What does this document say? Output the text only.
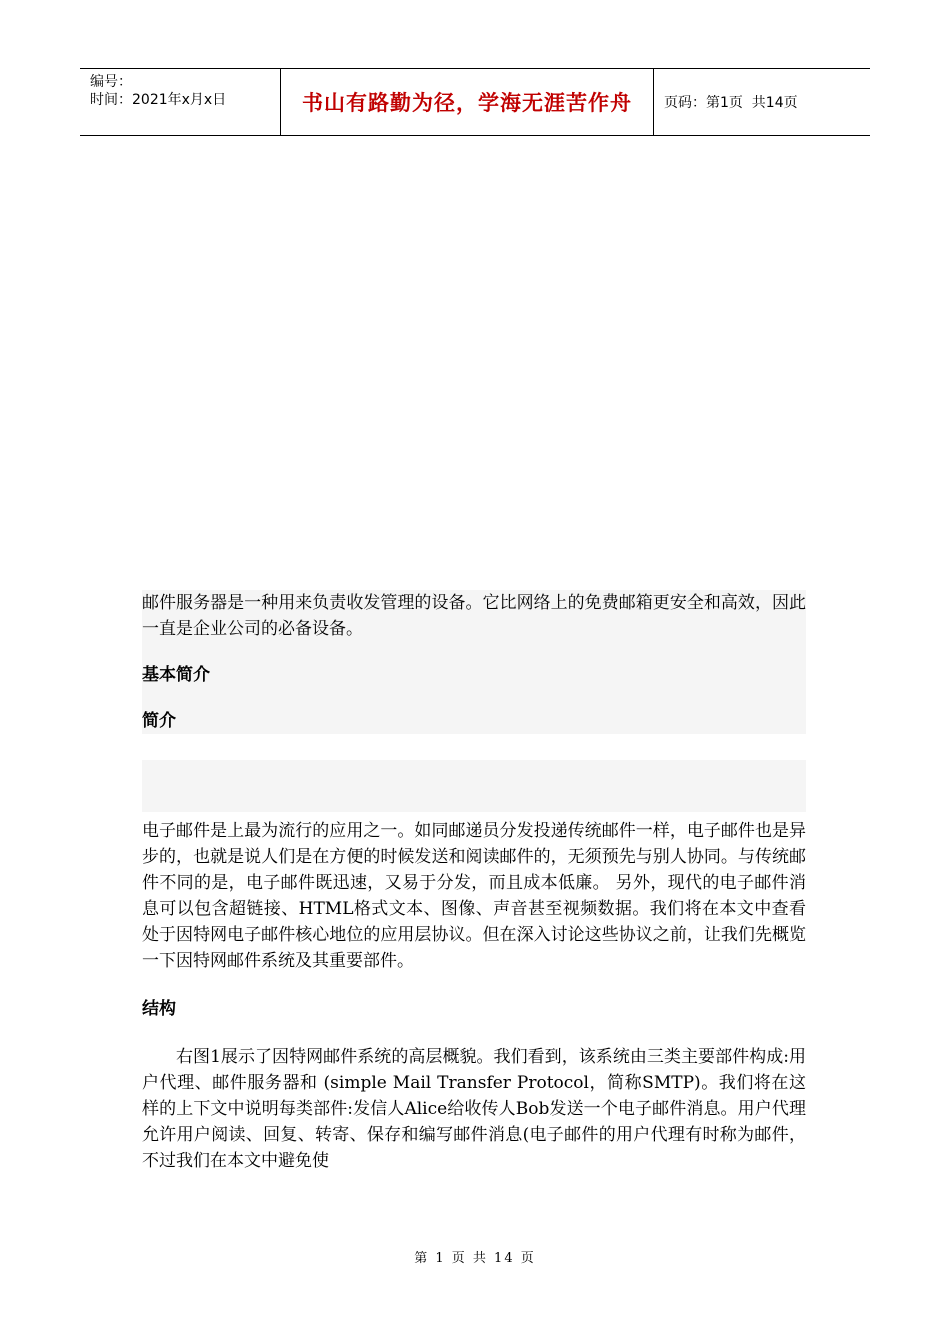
编号：
时间：2021年x月x日	书山有路勤为径，学海无涯苦作舟	页码：第1页  共14页

邮件服务器是一种用来负责收发管理的设备。它比网络上的免费邮箱更安全和高效，因此一直是企业公司的必备设备。

基本简介

简介

电子邮件是上最为流行的应用之一。如同邮递员分发投递传统邮件一样，电子邮件也是异步的，也就是说人们是在方便的时候发送和阅读邮件的，无须预先与别人协同。与传统邮件不同的是，电子邮件既迅速，又易于分发，而且成本低廉。 另外，现代的电子邮件消息可以包含超链接、HTML格式文本、图像、声音甚至视频数据。我们将在本文中查看处于因特网电子邮件核心地位的应用层协议。但在深入讨论这些协议之前，让我们先概览一下因特网邮件系统及其重要部件。

结构

右图1展示了因特网邮件系统的高层概貌。我们看到，该系统由三类主要部件构成:用户代理、邮件服务器和 (simple Mail Transfer Protocol，简称SMTP)。我们将在这样的上下文中说明每类部件:发信人Alice给收传人Bob发送一个电子邮件消息。用户代理允许用户阅读、回复、转寄、保存和编写邮件消息(电子邮件的用户代理有时称为邮件，不过我们在本文中避免使

第 1 页 共 14 页
